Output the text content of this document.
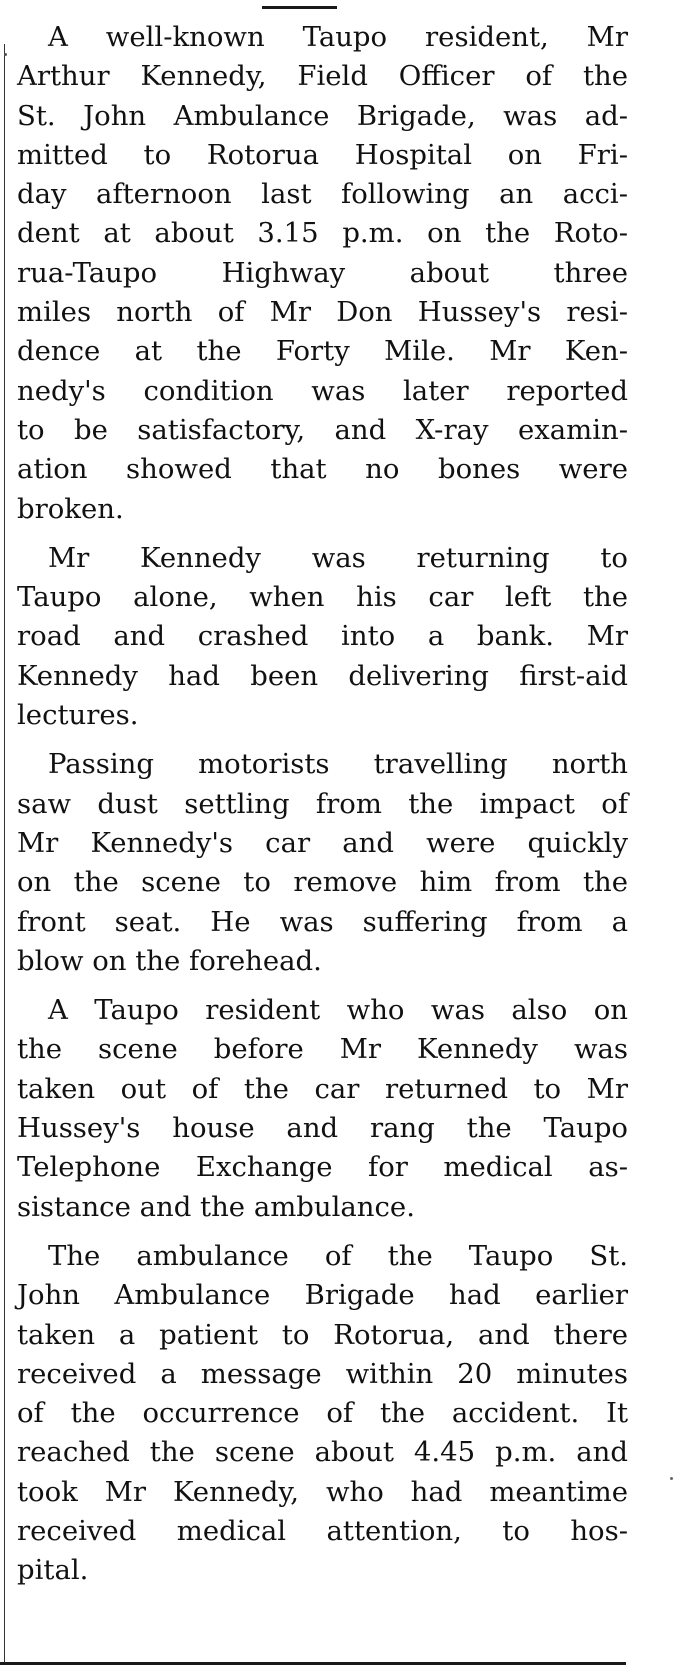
A well-known Taupo resident, Mr
Arthur Kennedy, Field Officer of the
St. John Ambulance Brigade, was ad-
mitted to Rotorua Hospital on Fri-
day afternoon last following an acci-
dent at about 3.15 p.m. on the Roto-
rua-Taupo Highway about three
miles north of Mr Don Hussey's resi-
dence at the Forty Mile. Mr Ken-
nedy's condition was later reported
to be satisfactory, and X-ray examin-
ation showed that no bones were
broken.

Mr Kennedy was returning to
Taupo alone, when his car left the
road and crashed into a bank. Mr
Kennedy had been delivering first-aid
lectures.

Passing motorists travelling north
saw dust settling from the impact of
Mr Kennedy's car and were quickly
on the scene to remove him from the
front seat. He was suffering from a
blow on the forehead.

A Taupo resident who was also on
the scene before Mr Kennedy was
taken out of the car returned to Mr
Hussey's house and rang the Taupo
Telephone Exchange for medical as-
sistance and the ambulance.

The ambulance of the Taupo St.
John Ambulance Brigade had earlier
taken a patient to Rotorua, and there
received a message within 20 minutes
of the occurrence of the accident. It
reached the scene about 4.45 p.m. and
took Mr Kennedy, who had meantime
received medical attention, to hos-
pital.
